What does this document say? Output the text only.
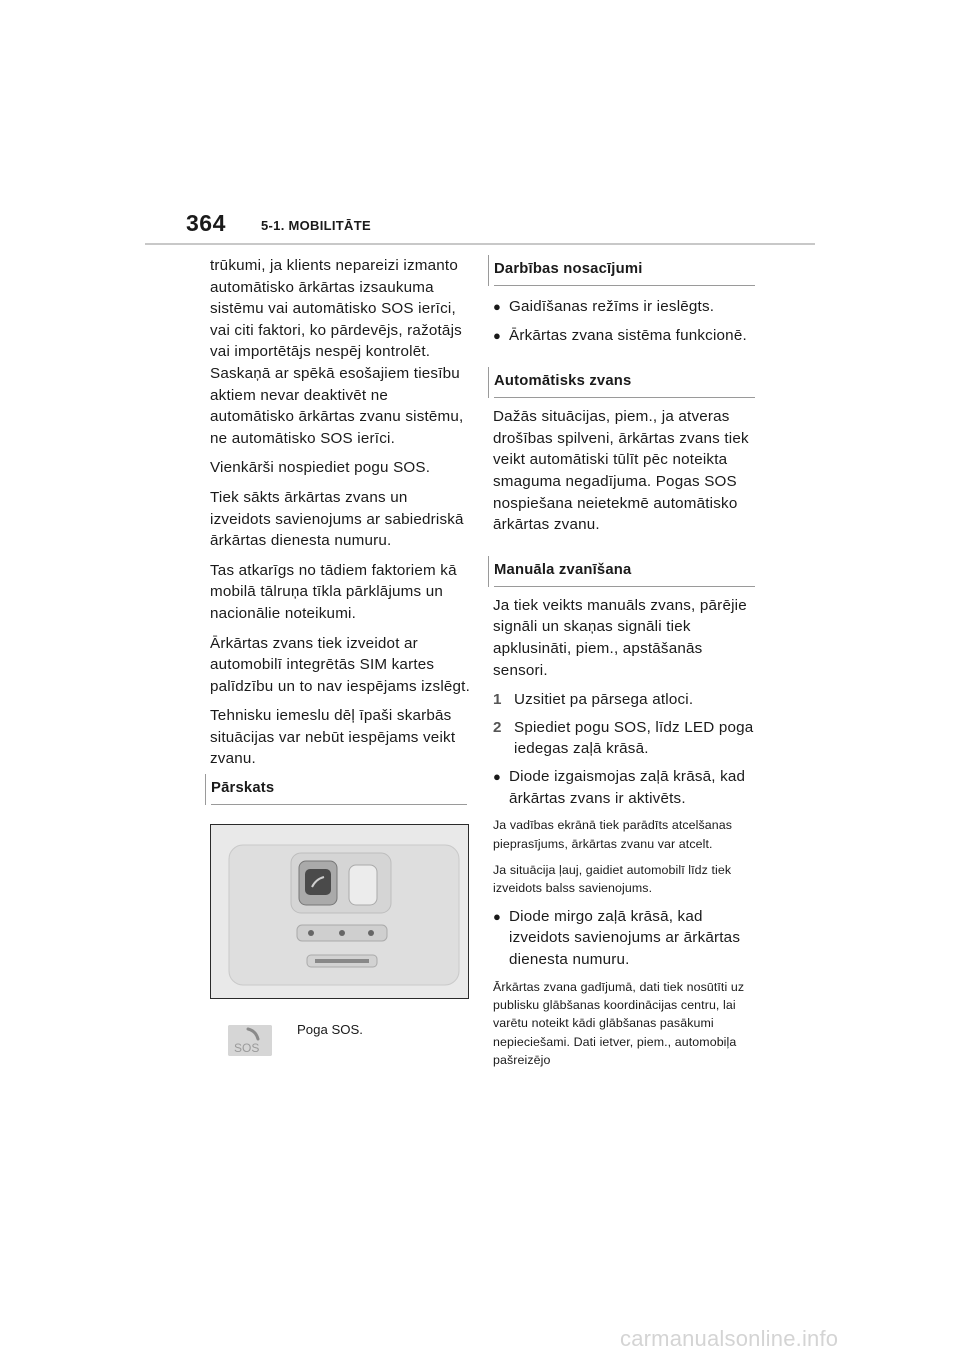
364	5-1. MOBILITĀTE

trūkumi, ja klients nepareizi izmanto automātisko ārkārtas izsaukuma sistēmu vai automātisko SOS ierīci, vai citi faktori, ko pārdevējs, ražotājs vai importētājs nespēj kontrolēt. Saskaņā ar spēkā esošajiem tiesību aktiem nevar deaktivēt ne automātisko ārkārtas zvanu sistēmu, ne automātisko SOS ierīci.

Vienkārši nospiediet pogu SOS.

Tiek sākts ārkārtas zvans un izveidots savienojums ar sabiedriskā ārkārtas dienesta numuru.

Tas atkarīgs no tādiem faktoriem kā mobilā tālruņa tīkla pārklājums un nacionālie noteikumi.

Ārkārtas zvans tiek izveidot ar automobilī integrētās SIM kartes palīdzību un to nav iespējams izslēgt.

Tehnisku iemeslu dēļ īpaši skarbās situācijas var nebūt iespējams veikt zvanu.

Pārskats
SOS
Poga SOS.
Darbības nosacījumi
● Gaidīšanas režīms ir ieslēgts.
● Ārkārtas zvana sistēma funkcionē.
Automātisks zvans

Dažās situācijas, piem., ja atveras drošības spilveni, ārkārtas zvans tiek veikt automātiski tūlīt pēc noteikta smaguma negadījuma. Pogas SOS nospiešana neietekmē automātisko ārkārtas zvanu.

Manuāla zvanīšana

Ja tiek veikts manuāls zvans, pārējie signāli un skaņas signāli tiek apklusināti, piem., apstāšanās sensori.

1 Uzsitiet pa pārsega atloci.
2 Spiediet pogu SOS, līdz LED poga iedegas zaļā krāsā.
● Diode izgaismojas zaļā krāsā, kad ārkārtas zvans ir aktivēts.

Ja vadības ekrānā tiek parādīts atcelšanas pieprasījums, ārkārtas zvanu var atcelt.

Ja situācija ļauj, gaidiet automobilī līdz tiek izveidots balss savienojums.

● Diode mirgo zaļā krāsā, kad izveidots savienojums ar ārkārtas dienesta numuru.

Ārkārtas zvana gadījumā, dati tiek nosūtīti uz publisku glābšanas koordinācijas centru, lai varētu noteikt kādi glābšanas pasākumi nepieciešami. Dati ietver, piem., automobiļa pašreizējo

carmanualsonline.info
